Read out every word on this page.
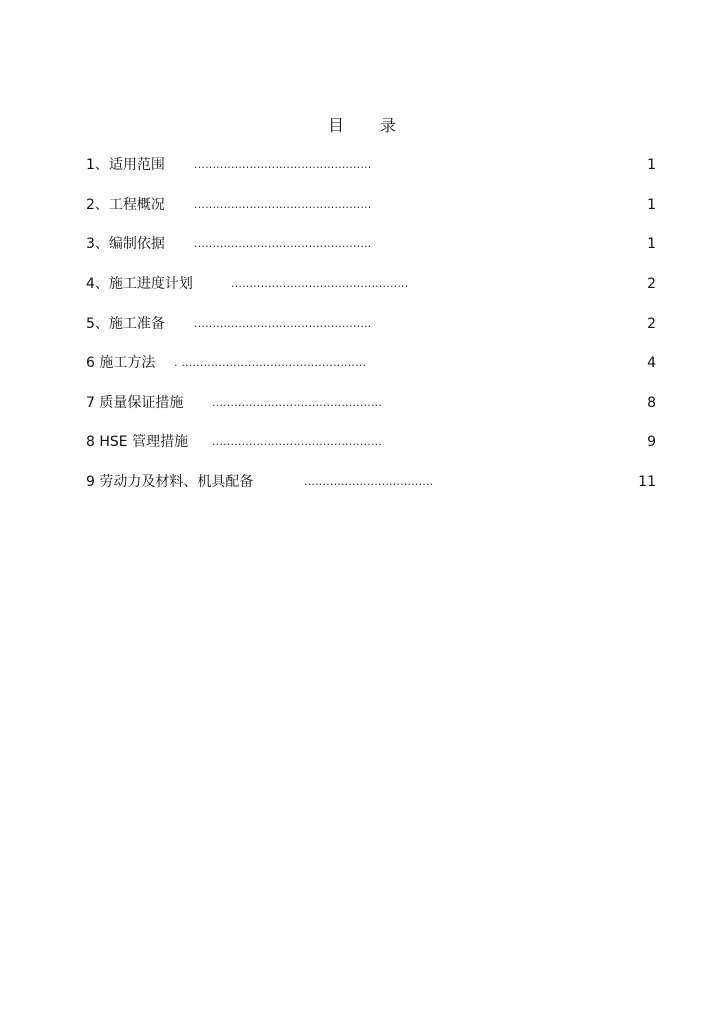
目 录
1、适用范围	................................................	1
2、工程概况	................................................	1
3、编制依据	................................................	1
4、施工进度计划	................................................	2
5、施工准备	................................................	2
6 施工方法 . ..................................................	4
7 质量保证措施	..............................................	8
8 HSE 管理措施 ..............................................	9
9 劳动力及材料、机具配备	...................................	11
